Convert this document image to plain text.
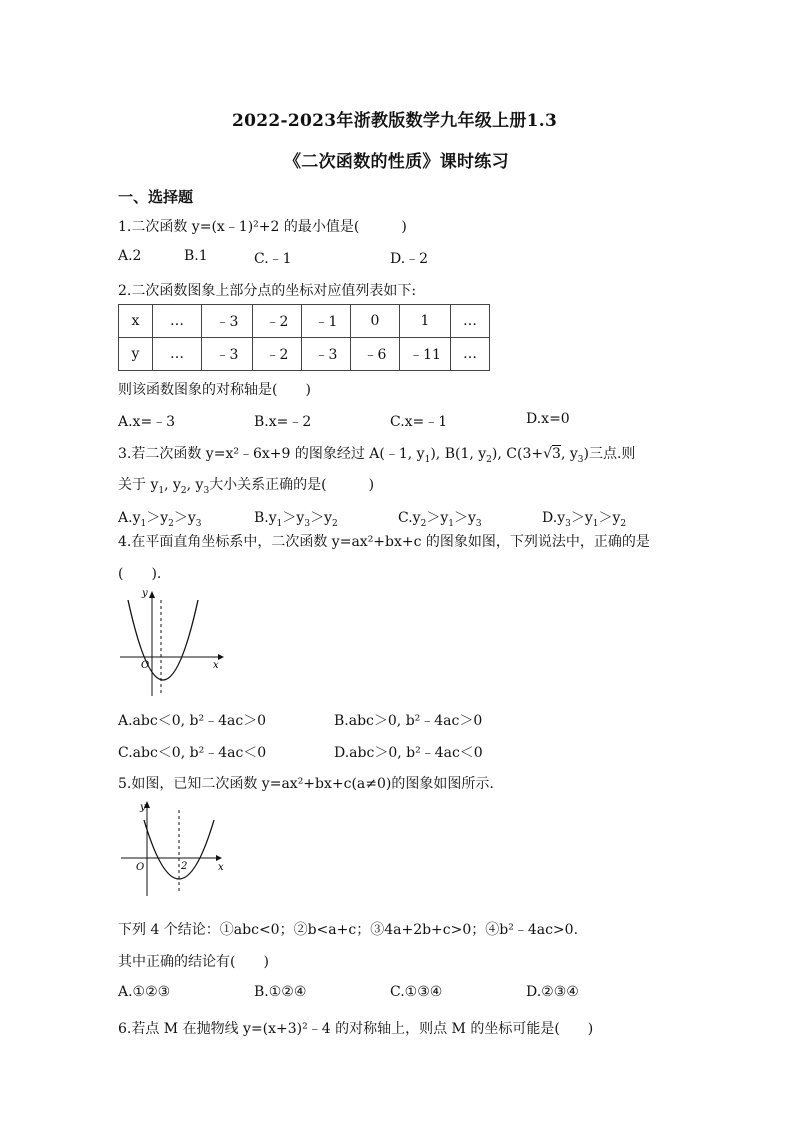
2022-2023年浙教版数学九年级上册1.3
《二次函数的性质》课时练习
一、选择题
1.二次函数 y=(x﹣1)²+2 的最小值是(　　　)
A.2	B.1	C.﹣1	D.﹣2
2.二次函数图象上部分点的坐标对应值列表如下:
x	…	﹣3	﹣2	﹣1	0	1	…
y	…	﹣3	﹣2	﹣3	﹣6	﹣11	…
则该函数图象的对称轴是(　　)
A.x=﹣3	B.x=﹣2	C.x=﹣1	D.x=0
3.若二次函数 y=x²﹣6x+9 的图象经过 A(﹣1, $y_1$), B(1, $y_2$), C(3+√3, $y_3$)三点.则
关于 $y_1$, $y_2$, $y_3$大小关系正确的是(　　　)
$A.y_1>y_2>y_3$	$B.y_1>y_3>y_2$	$C.y_2>y_1>y_3$	$D.y_3>y_1>y_2$
4.在平面直角坐标系中，二次函数 y=ax²+bx+c 的图象如图，下列说法中，正确的是
(　　).
y
x
O
A.abc＜0, b²﹣4ac＞0	B.abc＞0, b²﹣4ac＞0
C.abc＜0, b²﹣4ac＜0	D.abc＞0, b²﹣4ac＜0
5.如图，已知二次函数 y=ax²+bx+c(a≠0)的图象如图所示.
y
x
O	2
下列 4 个结论：①abc<0；②b<a+c；③4a+2b+c>0；④b²﹣4ac>0.
其中正确的结论有(　　)
A.①②③	B.①②④	C.①③④	D.②③④
6.若点 M 在抛物线 y=(x+3)²﹣4 的对称轴上，则点 M 的坐标可能是(　　)
